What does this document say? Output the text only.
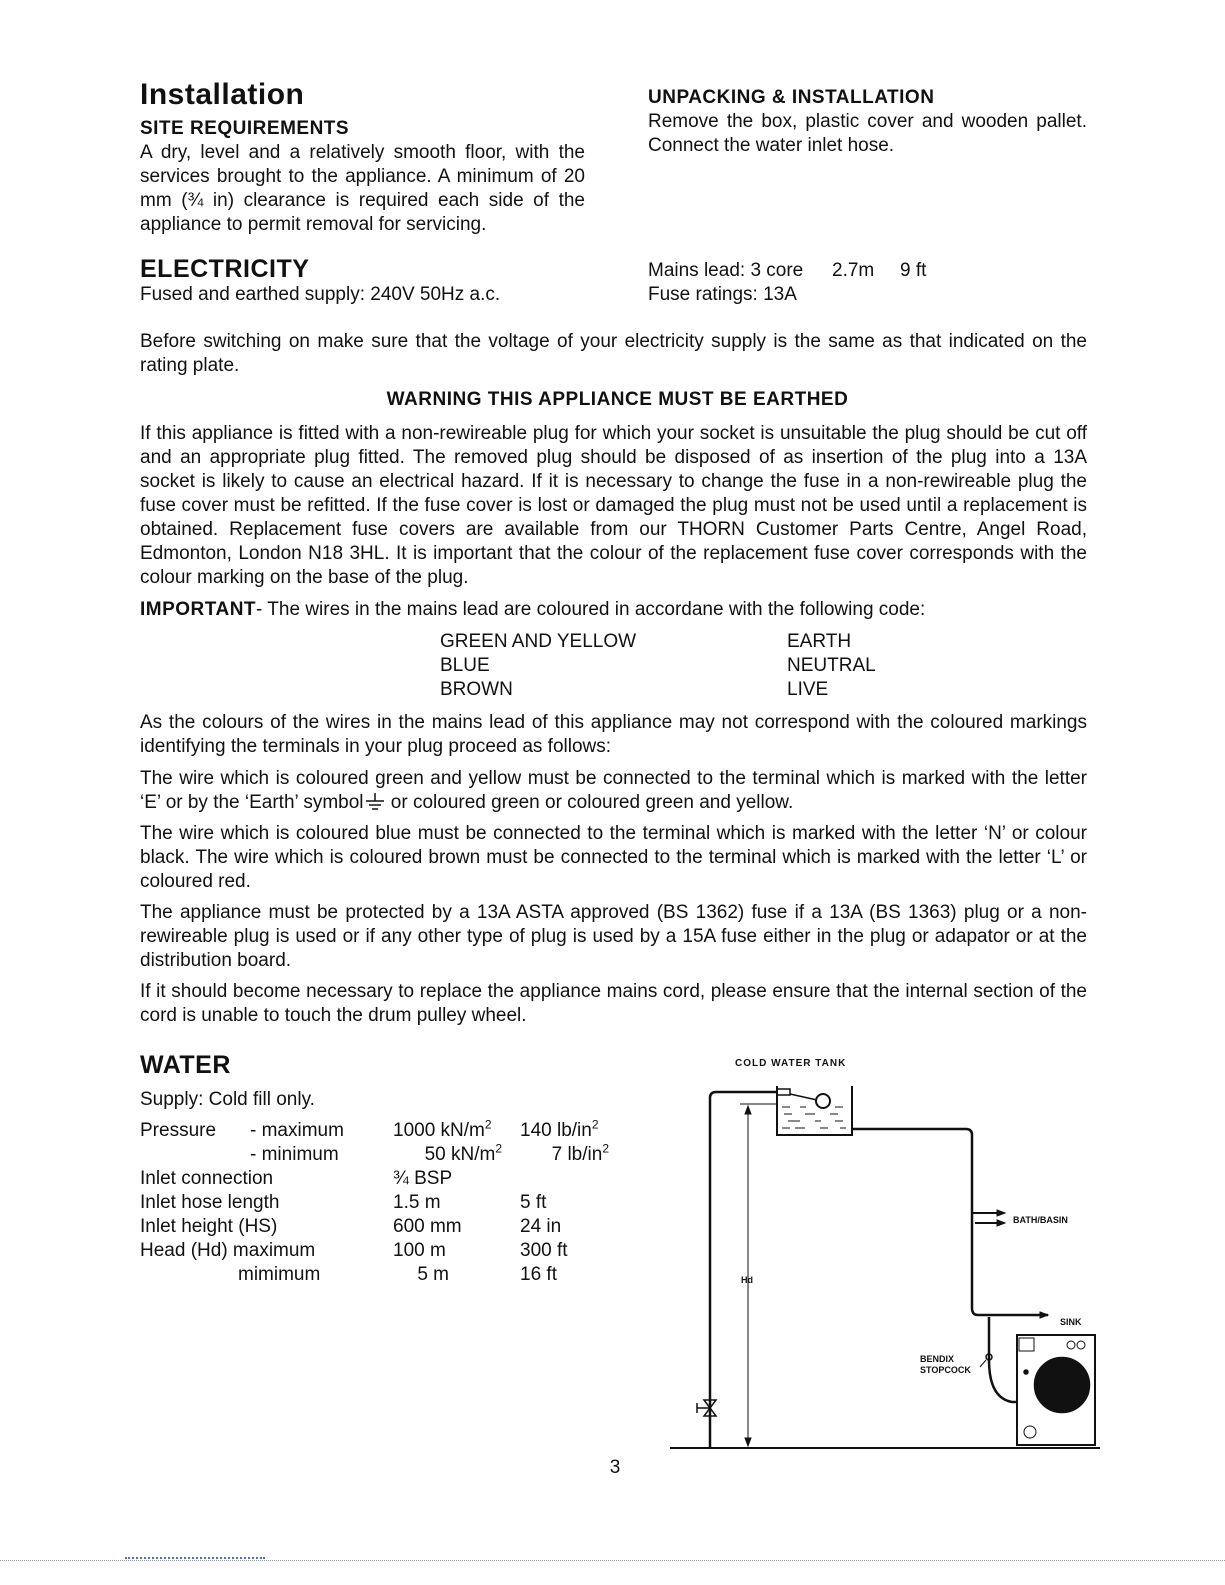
Installation
SITE REQUIREMENTS
A dry, level and a relatively smooth floor, with the services brought to the appliance. A minimum of 20 mm (¾ in) clearance is required each side of the appliance to permit removal for servicing.
UNPACKING & INSTALLATION
Remove the box, plastic cover and wooden pallet. Connect the water inlet hose.
ELECTRICITY
Fused and earthed supply: 240V 50Hz a.c.
Mains lead: 3 core 2.7m 9 ft
Fuse ratings: 13A
Before switching on make sure that the voltage of your electricity supply is the same as that indicated on the rating plate.
WARNING THIS APPLIANCE MUST BE EARTHED
If this appliance is fitted with a non-rewireable plug for which your socket is unsuitable the plug should be cut off and an appropriate plug fitted. The removed plug should be disposed of as insertion of the plug into a 13A socket is likely to cause an electrical hazard. If it is necessary to change the fuse in a non-rewireable plug the fuse cover must be refitted. If the fuse cover is lost or damaged the plug must not be used until a replacement is obtained. Replacement fuse covers are available from our THORN Customer Parts Centre, Angel Road, Edmonton, London N18 3HL. It is important that the colour of the replacement fuse cover corresponds with the colour marking on the base of the plug.
IMPORTANT- The wires in the mains lead are coloured in accordane with the following code:
GREEN AND YELLOW	EARTH
BLUE	NEUTRAL
BROWN	LIVE
As the colours of the wires in the mains lead of this appliance may not correspond with the coloured markings identifying the terminals in your plug proceed as follows:
The wire which is coloured green and yellow must be connected to the terminal which is marked with the letter ‘E’ or by the ‘Earth’ symbol or coloured green or coloured green and yellow.
The wire which is coloured blue must be connected to the terminal which is marked with the letter ‘N’ or colour black. The wire which is coloured brown must be connected to the terminal which is marked with the letter ‘L’ or coloured red.
The appliance must be protected by a 13A ASTA approved (BS 1362) fuse if a 13A (BS 1363) plug or a non-rewireable plug is used or if any other type of plug is used by a 15A fuse either in the plug or adapator or at the distribution board.
If it should become necessary to replace the appliance mains cord, please ensure that the internal section of the cord is unable to touch the drum pulley wheel.
WATER
Supply: Cold fill only.
Pressure - maximum	1000 $kN/m^2$ 140 $lb/in^2$
- minimum	50 $kN/m^2$	7 $lb/in^2$
Inlet connection	¾ BSP
Inlet hose length	1.5 m	5 ft
Inlet height (HS)	600 mm	24 in
Head (Hd) maximum	100 m	300 ft
mimimum	5 m	16 ft
COLD WATER TANK
BATH/BASIN
SINK
Hd
BENDIX
STOPCOCK
3
